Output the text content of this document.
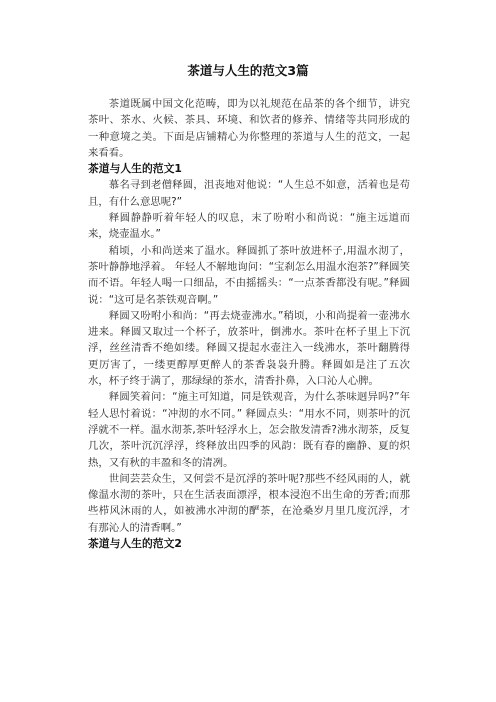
茶道与人生的范文3篇

茶道既属中国文化范畴，即为以礼规范在品茶的各个细节，讲究茶叶、茶水、火候、茶具、环境、和饮者的修养、情绪等共同形成的一种意境之美。下面是店铺精心为你整理的茶道与人生的范文，一起来看看。

茶道与人生的范文1

慕名寻到老僧释圆，沮丧地对他说：“人生总不如意，活着也是苟且，有什么意思呢?”

释圆静静听着年轻人的叹息，末了吩咐小和尚说：“施主远道而来，烧壶温水。”

稍顷，小和尚送来了温水。释圆抓了茶叶放进杯子,用温水沏了，茶叶静静地浮着。 年轻人不解地询问：“宝刹怎么用温水泡茶?”释圆笑而不语。年轻人喝一口细品，不由摇摇头：“一点茶香都没有呢。”释圆说：“这可是名茶铁观音啊。”

释圆又吩咐小和尚：“再去烧壶沸水。”稍顷，小和尚提着一壶沸水进来。释圆又取过一个杯子，放茶叶，倒沸水。茶叶在杯子里上下沉浮，丝丝清香不绝如缕。释圆又提起水壶注入一线沸水，茶叶翻腾得更厉害了，一缕更醇厚更醉人的茶香袅袅升腾。释圆如是注了五次水，杯子终于满了，那绿绿的茶水，清香扑鼻，入口沁人心脾。

释圆笑着问：“施主可知道，同是铁观音，为什么茶味迥异吗?”年轻人思忖着说：“冲沏的水不同。” 释圆点头：“用水不同，则茶叶的沉浮就不一样。温水沏茶,茶叶轻浮水上，怎会散发清香?沸水沏茶，反复几次，茶叶沉沉浮浮，终释放出四季的风韵：既有春的幽静、夏的炽热，又有秋的丰盈和冬的清冽。

世间芸芸众生，又何尝不是沉浮的茶叶呢?那些不经风雨的人，就像温水沏的茶叶，只在生活表面漂浮，根本浸泡不出生命的芳香;而那些栉风沐雨的人，如被沸水冲沏的酽茶，在沧桑岁月里几度沉浮，才有那沁人的清香啊。”

茶道与人生的范文2
